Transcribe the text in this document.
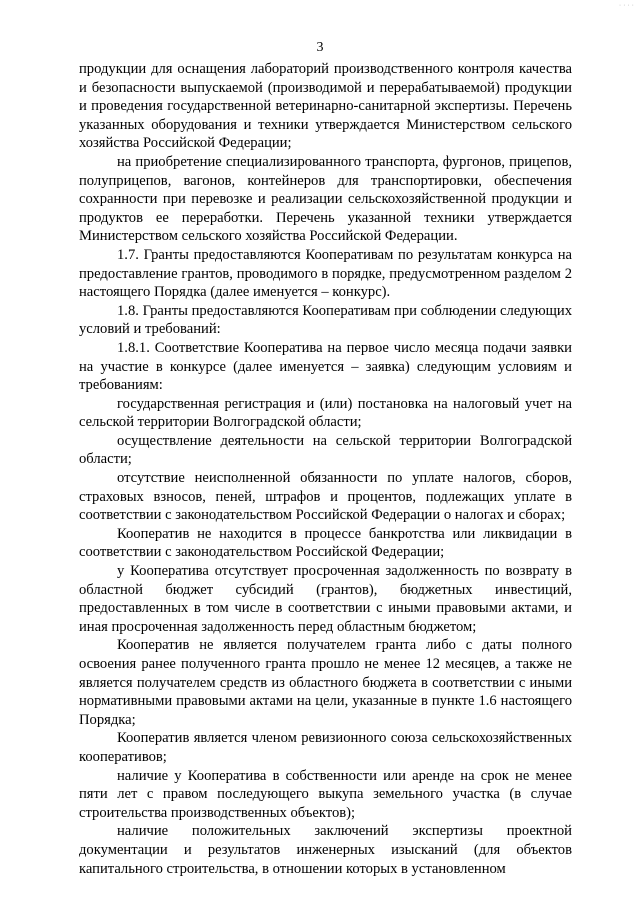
· · · ·
3

продукции для оснащения лабораторий производственного контроля качества и безопасности выпускаемой (производимой и перерабатываемой) продукции и проведения государственной ветеринарно-санитарной экспертизы. Перечень указанных оборудования и техники утверждается Министерством сельского хозяйства Российской Федерации;

на приобретение специализированного транспорта, фургонов, прицепов, полуприцепов, вагонов, контейнеров для транспортировки, обеспечения сохранности при перевозке и реализации сельскохозяйственной продукции и продуктов ее переработки. Перечень указанной техники утверждается Министерством сельского хозяйства Российской Федерации.

1.7. Гранты предоставляются Кооперативам по результатам конкурса на предоставление грантов, проводимого в порядке, предусмотренном разделом 2 настоящего Порядка (далее именуется – конкурс).

1.8. Гранты предоставляются Кооперативам при соблюдении следующих условий и требований:

1.8.1. Соответствие Кооператива на первое число месяца подачи заявки на участие в конкурсе (далее именуется – заявка) следующим условиям и требованиям:

государственная регистрация и (или) постановка на налоговый учет на сельской территории Волгоградской области;

осуществление деятельности на сельской территории Волгоградской области;

отсутствие неисполненной обязанности по уплате налогов, сборов, страховых взносов, пеней, штрафов и процентов, подлежащих уплате в соответствии с законодательством Российской Федерации о налогах и сборах;

Кооператив не находится в процессе банкротства или ликвидации в соответствии с законодательством Российской Федерации;

у Кооператива отсутствует просроченная задолженность по возврату в областной бюджет субсидий (грантов), бюджетных инвестиций, предоставленных в том числе в соответствии с иными правовыми актами, и иная просроченная задолженность перед областным бюджетом;

Кооператив не является получателем гранта либо с даты полного освоения ранее полученного гранта прошло не менее 12 месяцев, а также не является получателем средств из областного бюджета в соответствии с иными нормативными правовыми актами на цели, указанные в пункте 1.6 настоящего Порядка;

Кооператив является членом ревизионного союза сельскохозяйственных кооперативов;

наличие у Кооператива в собственности или аренде на срок не менее пяти лет с правом последующего выкупа земельного участка (в случае строительства производственных объектов);

наличие положительных заключений экспертизы проектной документации и результатов инженерных изысканий (для объектов капитального строительства, в отношении которых в установленном
